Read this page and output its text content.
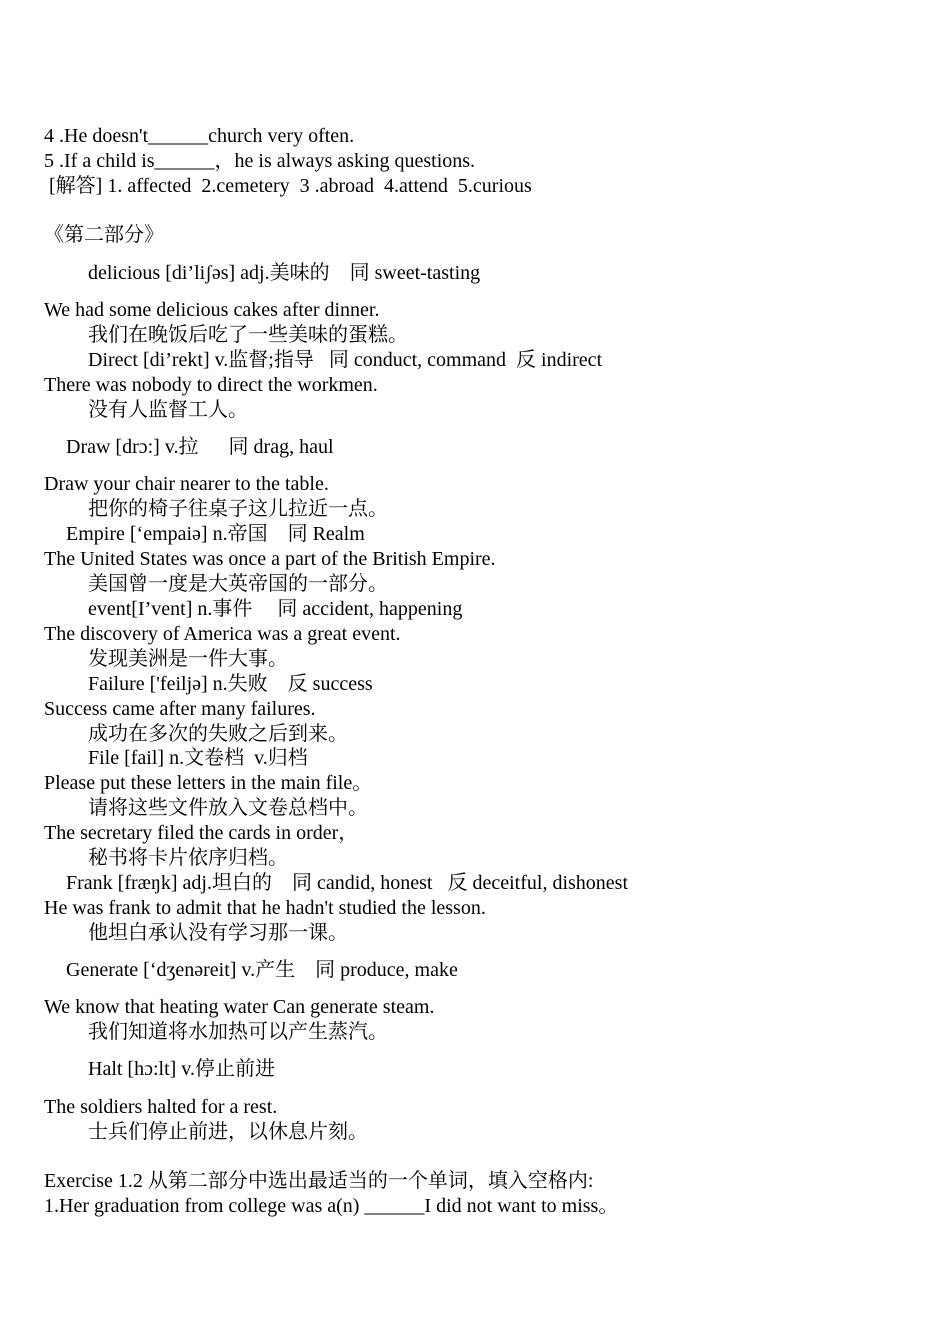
4 .He doesn't______church very often.
5 .If a child is______，he is always asking questions.
[解答] 1. affected  2.cemetery  3 .abroad  4.attend  5.curious
《第二部分》
delicious [di’liʃəs] adj.美味的    同 sweet-tasting
We had some delicious cakes after dinner.
我们在晚饭后吃了一些美味的蛋糕。
Direct [di’rekt] v.监督;指导   同 conduct, command  反 indirect
There was nobody to direct the workmen.
没有人监督工人。
Draw [drɔ:] v.拉      同 drag, haul
Draw your chair nearer to the table.
把你的椅子往桌子这儿拉近一点。
Empire [‘empaiə] n.帝国    同 Realm
The United States was once a part of the British Empire.
美国曾一度是大英帝国的一部分。
event[I’vent] n.事件     同 accident, happening
The discovery of America was a great event.
发现美洲是一件大事。
Failure ['feiljə] n.失败    反 success
Success came after many failures.
成功在多次的失败之后到来。
File [fail] n.文卷档  v.归档
Please put these letters in the main file。
请将这些文件放入文卷总档中。
The secretary filed the cards in order，
秘书将卡片依序归档。
Frank [fræŋk] adj.坦白的    同 candid, honest   反 deceitful, dishonest
He was frank to admit that he hadn't studied the lesson.
他坦白承认没有学习那一课。
Generate [‘dʒenəreit] v.产生    同 produce, make
We know that heating water Can generate steam.
我们知道将水加热可以产生蒸汽。
Halt [hɔ:lt] v.停止前进
The soldiers halted for a rest.
士兵们停止前进，以休息片刻。
Exercise 1.2 从第二部分中选出最适当的一个单词，填入空格内:
1.Her graduation from college was a(n) ______I did not want to miss。
